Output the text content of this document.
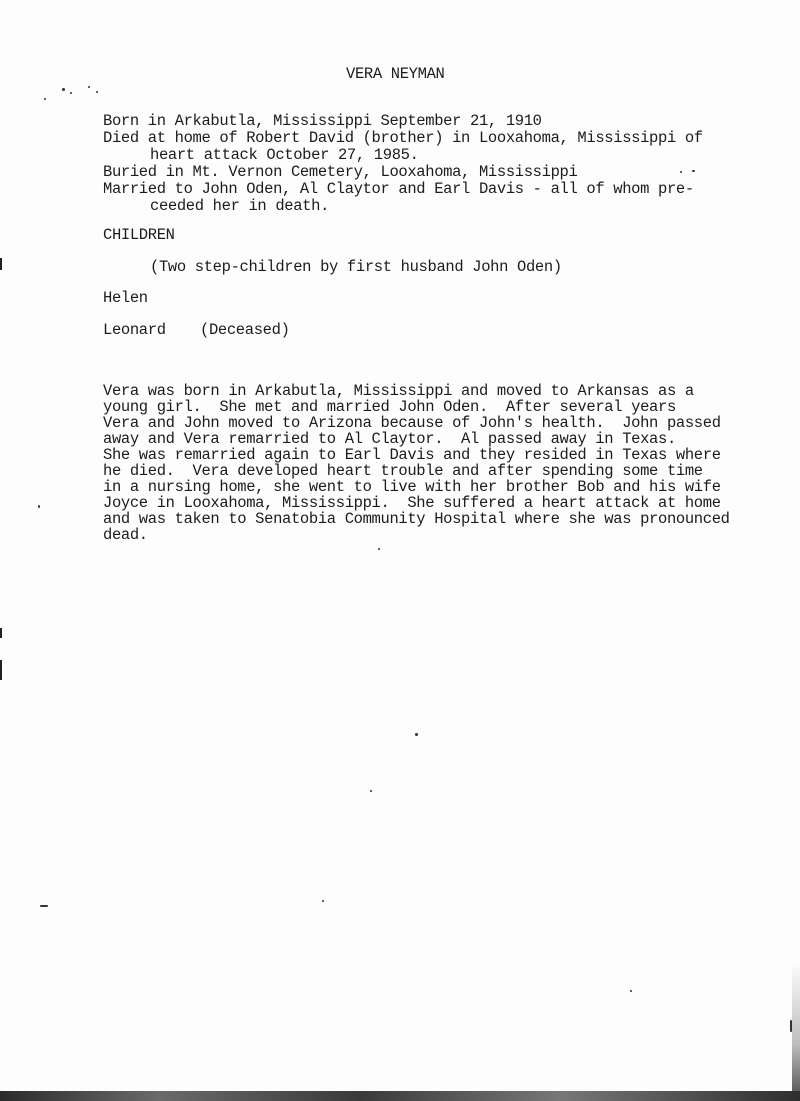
VERA NEYMAN
Born in Arkabutla, Mississippi September 21, 1910
Died at home of Robert David (brother) in Looxahoma, Mississippi of
heart attack October 27, 1985.
Buried in Mt. Vernon Cemetery, Looxahoma, Mississippi
Married to John Oden, Al Claytor and Earl Davis - all of whom pre-
ceeded her in death.
CHILDREN
(Two step-children by first husband John Oden)
Helen
Leonard (Deceased)
Vera was born in Arkabutla, Mississippi and moved to Arkansas as a
young girl.  She met and married John Oden.  After several years
Vera and John moved to Arizona because of John's health.  John passed
away and Vera remarried to Al Claytor.  Al passed away in Texas.
She was remarried again to Earl Davis and they resided in Texas where
he died.  Vera developed heart trouble and after spending some time
in a nursing home, she went to live with her brother Bob and his wife
Joyce in Looxahoma, Mississippi.  She suffered a heart attack at home
and was taken to Senatobia Community Hospital where she was pronounced
dead.
